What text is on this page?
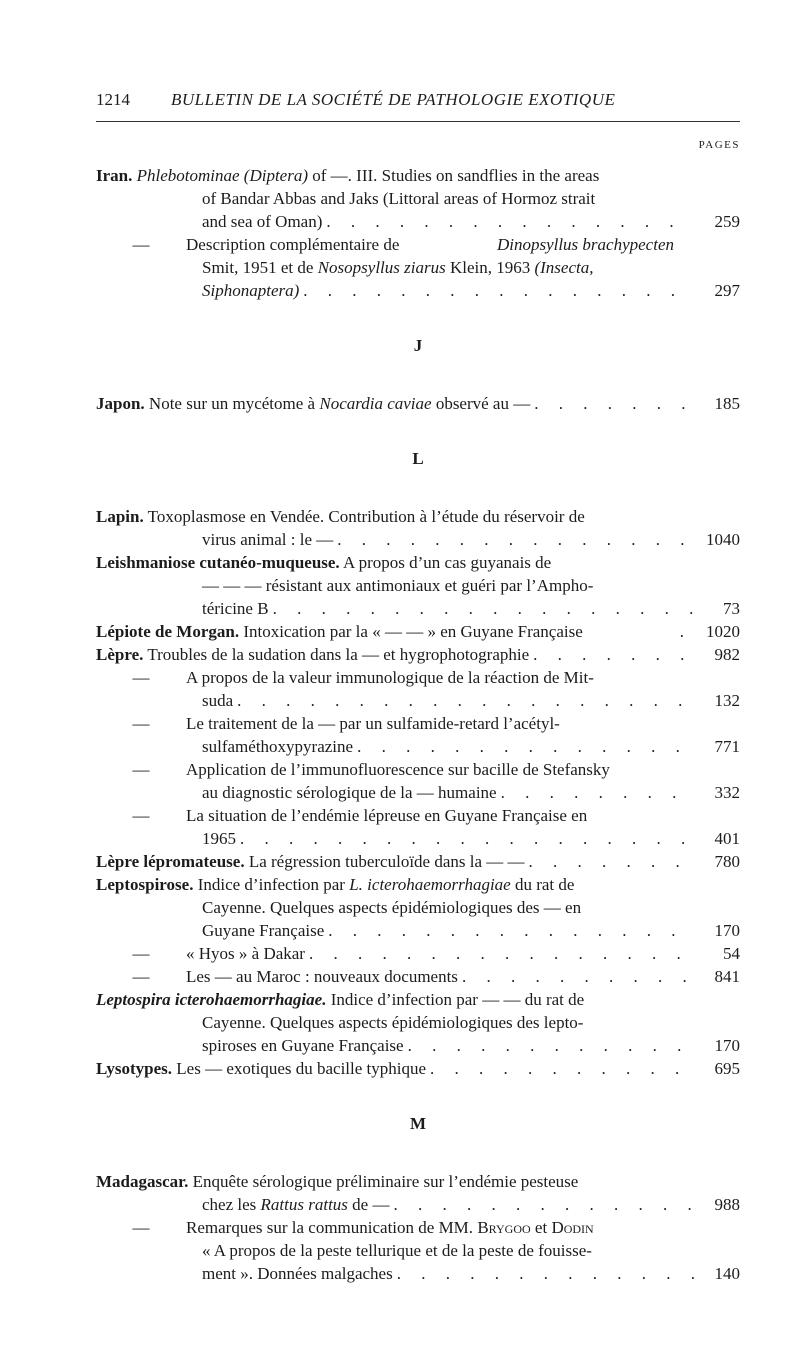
1214 BULLETIN DE LA SOCIÉTÉ DE PATHOLOGIE EXOTIQUE
PAGES
Iran. Phlebotominae (Diptera) of —. III. Studies on sandflies in the areas
of Bandar Abbas and Jaks (Littoral areas of Hormoz strait
and sea of Oman) . . .	259
—	Description complémentaire de	Dinopsyllus brachypecten
Smit, 1951 et de Nosopsyllus ziarus Klein, 1963 (Insecta,
Siphonaptera) . . .	297
J
Japon. Note sur un mycétome à Nocardia caviae observé au — . . .	185
L
Lapin. Toxoplasmose en Vendée. Contribution à l’étude du réservoir de
virus animal : le — . . .	1040
Leishmaniose cutanéo-muqueuse. A propos d’un cas guyanais de
— — — résistant aux antimoniaux et guéri par l’Ampho-
téricine B . . .	73
Lépiote de Morgan. Intoxication par la « — — » en Guyane Française	.	1020
Lèpre. Troubles de la sudation dans la — et hygrophotographie . . .	982
—	A propos de la valeur immunologique de la réaction de Mit-
suda . . .	132
—	Le traitement de la — par un sulfamide-retard l’acétyl-
sulfaméthoxypyrazine . . .	771
—	Application de l’immunofluorescence sur bacille de Stefansky
au diagnostic sérologique de la — humaine . . .	332
—	La situation de l’endémie lépreuse en Guyane Française en
1965 . . .	401
Lèpre lépromateuse. La régression tuberculoïde dans la — — . . .	780
Leptospirose. Indice d’infection par L. icterohaemorrhagiae du rat de
Cayenne. Quelques aspects épidémiologiques des — en
Guyane Française . . .	170
—	« Hyos » à Dakar . . .	54
—	Les — au Maroc : nouveaux documents . . .	841
Leptospira icterohaemorrhagiae. Indice d’infection par — — du rat de
Cayenne. Quelques aspects épidémiologiques des lepto-
spiroses en Guyane Française . . .	170
Lysotypes. Les — exotiques du bacille typhique . . .	695
M
Madagascar. Enquête sérologique préliminaire sur l’endémie pesteuse
chez les Rattus rattus de — . . .	988
—	Remarques sur la communication de MM. Brygoo et Dodin
« A propos de la peste tellurique et de la peste de fouisse-
ment ». Données malgaches . . .	140
